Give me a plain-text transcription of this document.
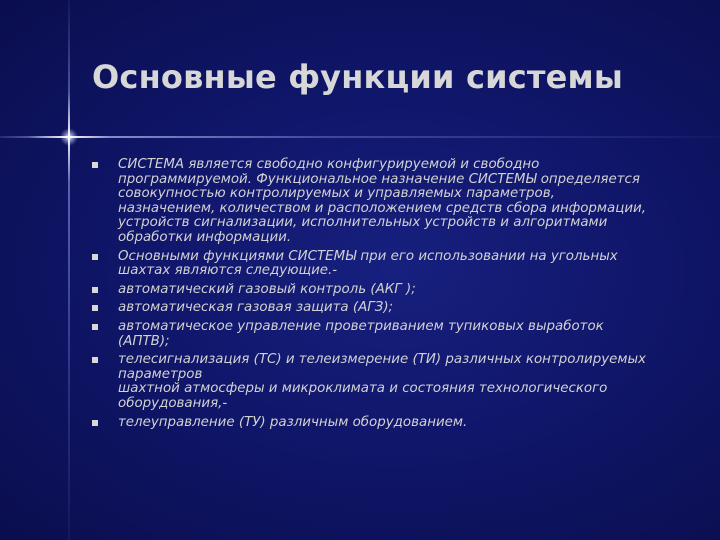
Основные функции системы
СИСТЕМА является свободно конфигурируемой и свободно
программируемой. Функциональное назначение СИСТЕМЫ определяется
совокупностью контролируемых и управляемых параметров,
назначением, количеством и расположением средств сбора информации,
устройств сигнализации, исполнительных устройств и алгоритмами
обработки информации.
Основными функциями СИСТЕМЫ при его использовании на угольных
шахтах являются следующие.-
автоматический газовый контроль (АКГ );
автоматическая газовая защита (АГЗ);
автоматическое управление проветриванием тупиковых выработок
(АПТВ);
телесигнализация (ТС) и телеизмерение (ТИ) различных контролируемых
параметров
шахтной атмосферы и микроклимата и состояния технологического
оборудования,-
телеуправление (ТУ) различным оборудованием.
